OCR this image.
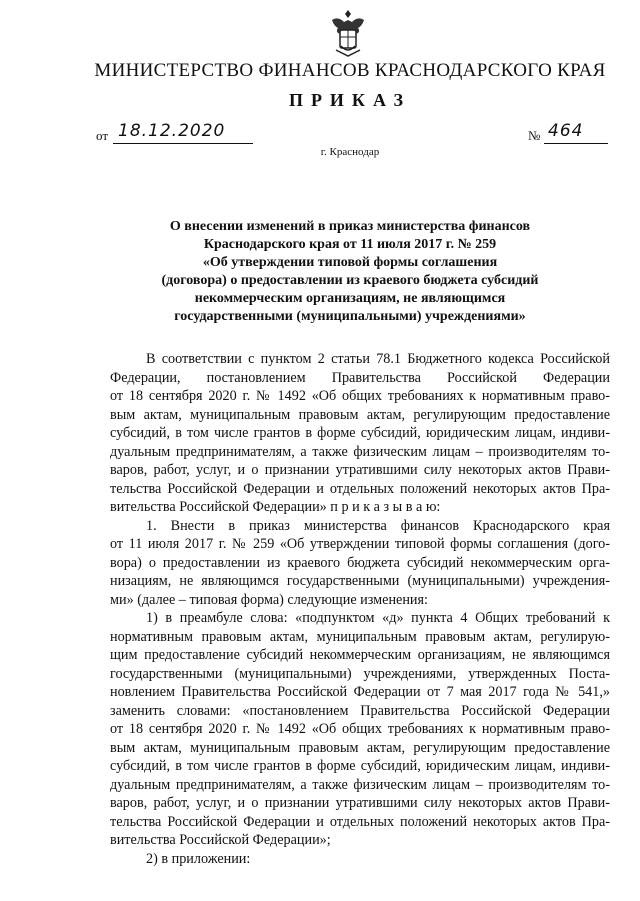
МИНИСТЕРСТВО ФИНАНСОВ КРАСНОДАРСКОГО КРАЯ
ПРИКАЗ
от 18.12.2020	№ 464
г. Краснодар
О внесении изменений в приказ министерства финансов
Краснодарского края от 11 июля 2017 г. № 259
«Об утверждении типовой формы соглашения
(договора) о предоставлении из краевого бюджета субсидий
некоммерческим организациям, не являющимся
государственными (муниципальными) учреждениями»
В соответствии с пунктом 2 статьи 78.1 Бюджетного кодекса Российской
Федерации, постановлением Правительства Российской Федерации
от 18 сентября 2020 г. № 1492 «Об общих требованиях к нормативным право-
вым актам, муниципальным правовым актам, регулирующим предоставление
субсидий, в том числе грантов в форме субсидий, юридическим лицам, индиви-
дуальным предпринимателям, а также физическим лицам – производителям то-
варов, работ, услуг, и о признании утратившими силу некоторых актов Прави-
тельства Российской Федерации и отдельных положений некоторых актов Пра-
вительства Российской Федерации» п р и к а з ы в а ю:
1. Внести в приказ министерства финансов Краснодарского края
от 11 июля 2017 г. № 259 «Об утверждении типовой формы соглашения (дого-
вора) о предоставлении из краевого бюджета субсидий некоммерческим орга-
низациям, не являющимся государственными (муниципальными) учреждения-
ми» (далее – типовая форма) следующие изменения:
1) в преамбуле слова: «подпунктом «д» пункта 4 Общих требований к
нормативным правовым актам, муниципальным правовым актам, регулирую-
щим предоставление субсидий некоммерческим организациям, не являющимся
государственными (муниципальными) учреждениями, утвержденных Поста-
новлением Правительства Российской Федерации от 7 мая 2017 года № 541,»
заменить словами: «постановлением Правительства Российской Федерации
от 18 сентября 2020 г. № 1492 «Об общих требованиях к нормативным право-
вым актам, муниципальным правовым актам, регулирующим предоставление
субсидий, в том числе грантов в форме субсидий, юридическим лицам, индиви-
дуальным предпринимателям, а также физическим лицам – производителям то-
варов, работ, услуг, и о признании утратившими силу некоторых актов Прави-
тельства Российской Федерации и отдельных положений некоторых актов Пра-
вительства Российской Федерации»;
2) в приложении:
